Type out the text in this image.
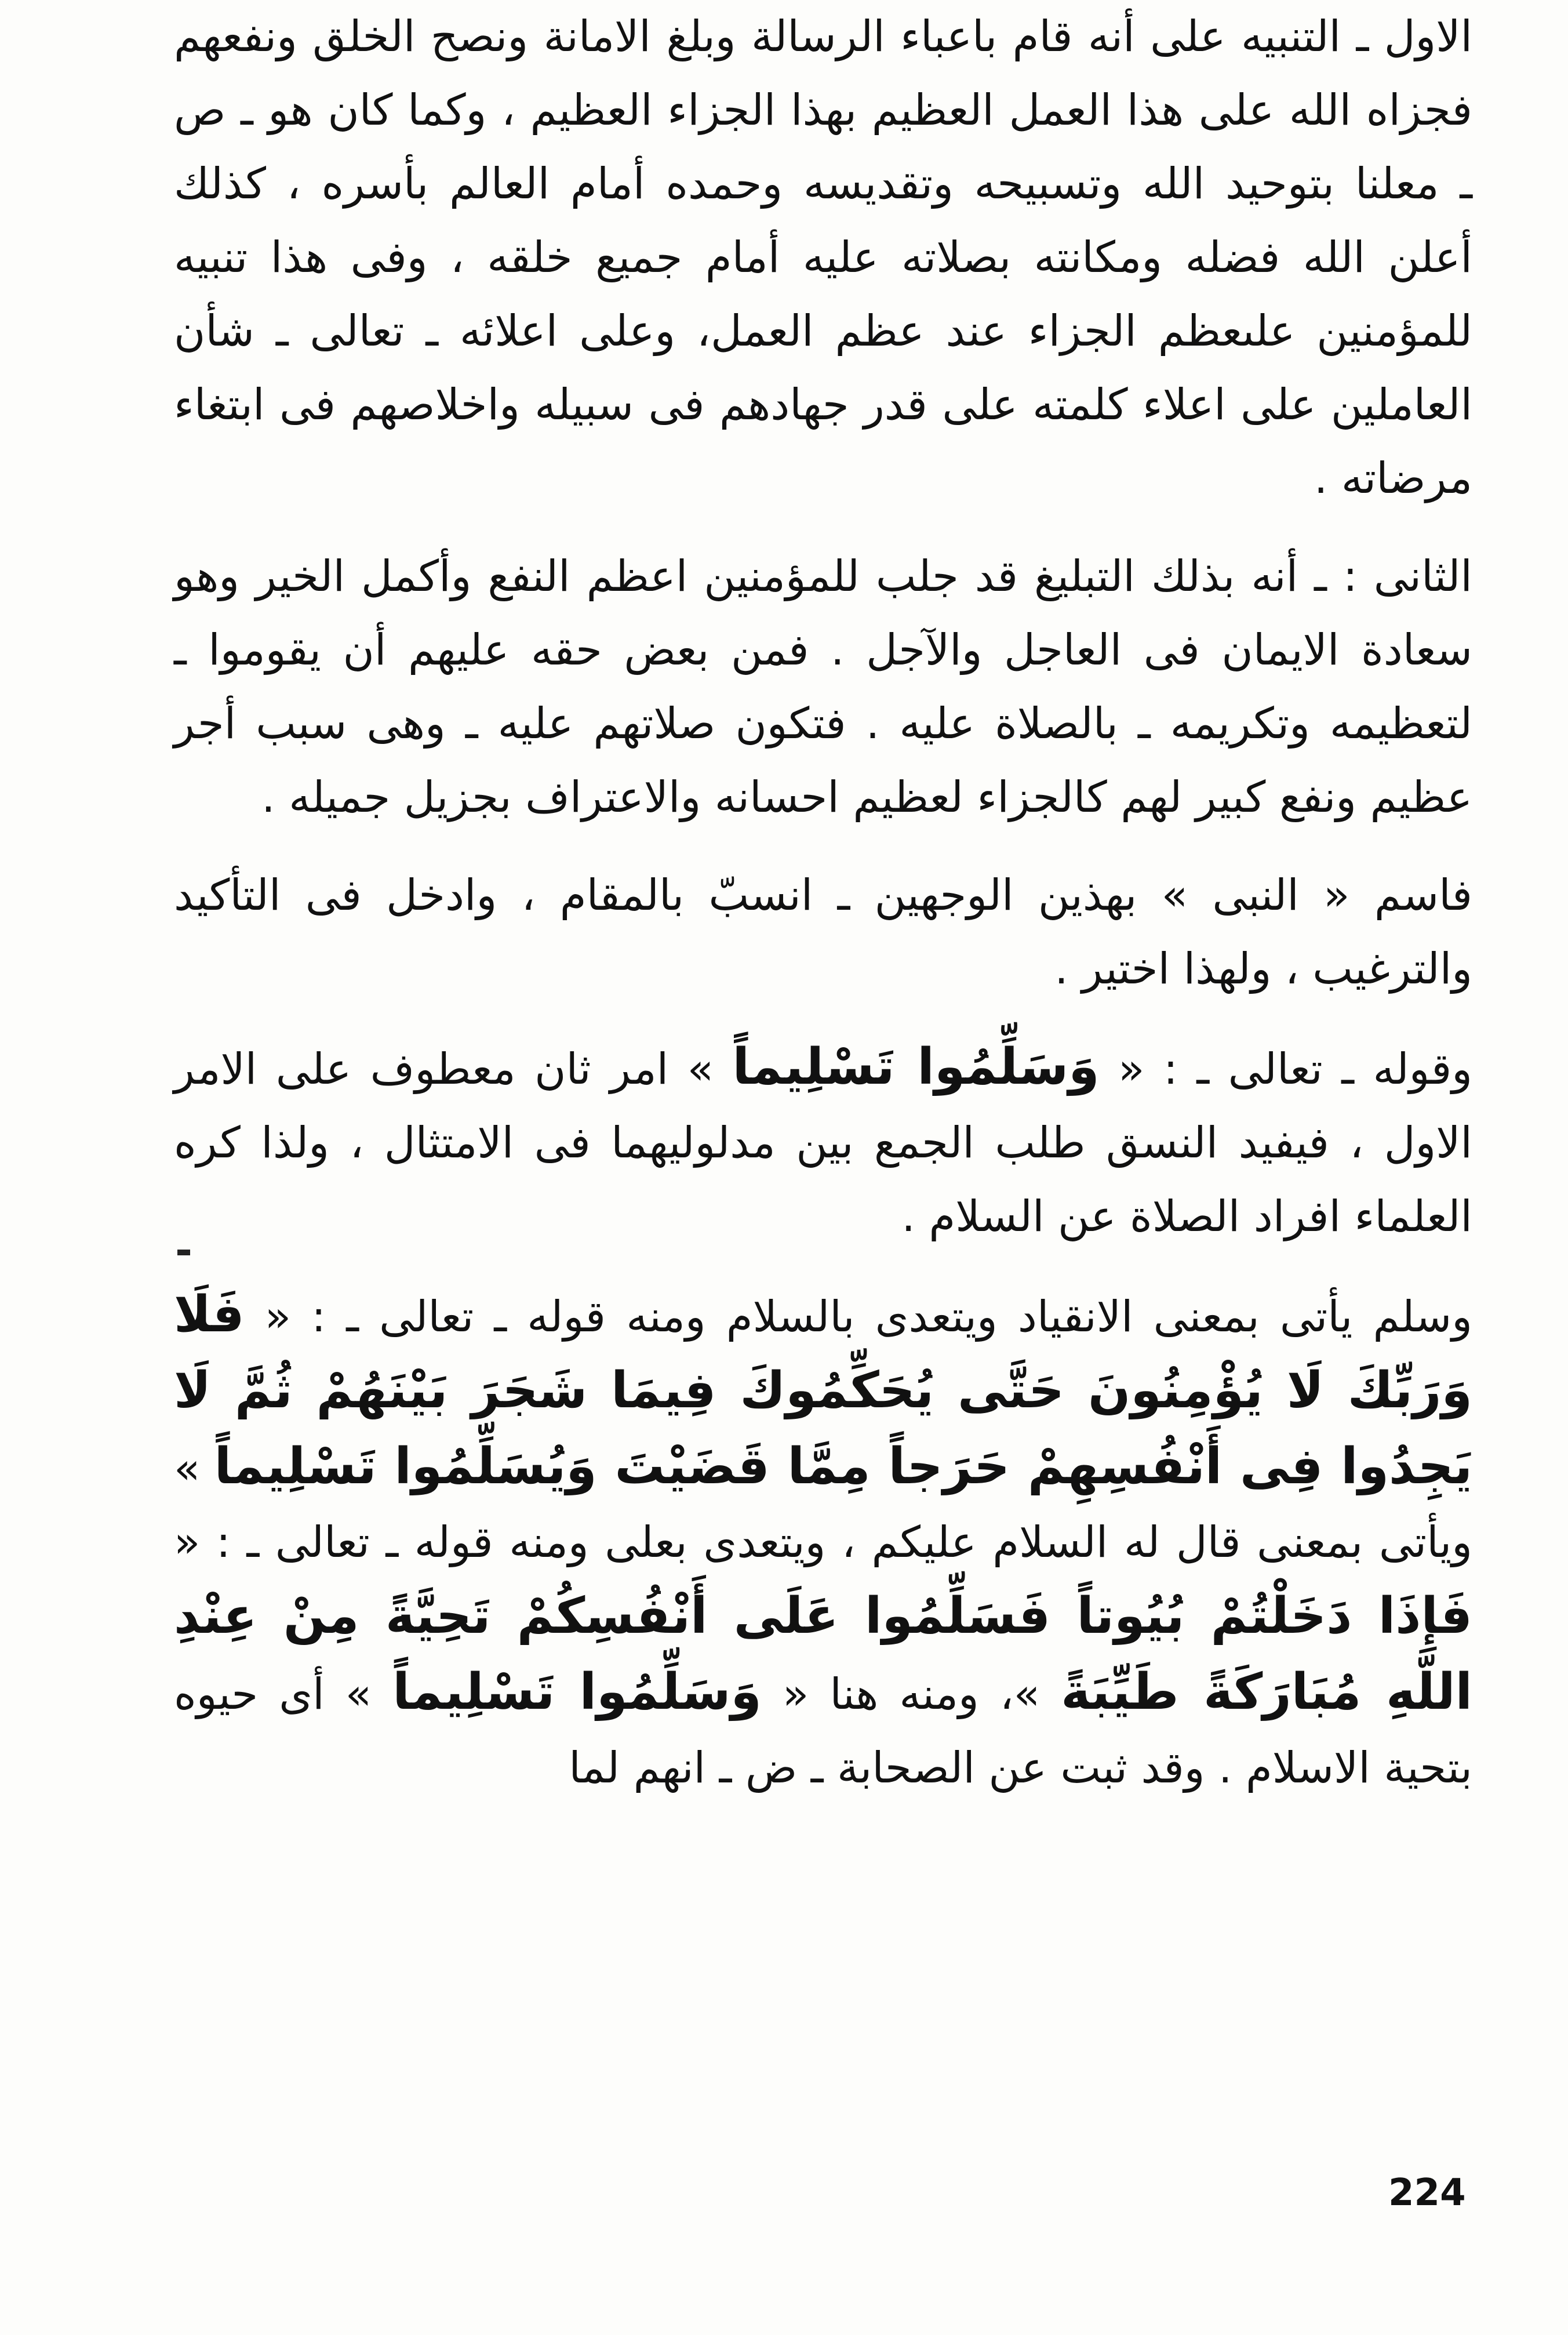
الاول ـ التنبيه على أنه قام باعباء الرسالة وبلغ الامانة ونصح الخلق ونفعهم فجزاه الله على هذا العمل العظيم بهذا الجزاء العظيم ، وكما كان هو ـ ص ـ معلنا بتوحيد الله وتسبيحه وتقديسه وحمده أمام العالم بأسره ، كذلك أعلن الله فضله ومكانته بصلاته عليه أمام جميع خلقه ، وفى هذا تنبيه للمؤمنين علىعظم الجزاء عند عظم العمل، وعلى اعلائه ـ تعالى ـ شأن العاملين على اعلاء كلمته على قدر جهادهم فى سبيله واخلاصهم فى ابتغاء مرضاته .

الثانى : ـ أنه بذلك التبليغ قد جلب للمؤمنين اعظم النفع وأكمل الخير وهو سعادة الايمان فى العاجل والآجل . فمن بعض حقه عليهم أن يقوموا ـ لتعظيمه وتكريمه ـ بالصلاة عليه . فتكون صلاتهم عليه ـ وهى سبب أجر عظيم ونفع كبير لهم كالجزاء لعظيم احسانه والاعتراف بجزيل جميله .

فاسم « النبى » بهذين الوجهين ـ انسبّ بالمقام ، وادخل فى التأكيد والترغيب ، ولهذا اختير .

وقوله ـ تعالى ـ : « وَسَلِّمُوا تَسْلِيماً » امر ثان معطوف على الامر الاول ، فيفيد النسق طلب الجمع بين مدلوليهما فى الامتثال ، ولذا كره العلماء افراد الصلاة عن السلام .

وسلم يأتى بمعنى الانقياد ويتعدى بالسلام ومنه قوله ـ تعالى ـ : « فَلَا وَرَبِّكَ لَا يُؤْمِنُونَ حَتَّى يُحَكِّمُوكَ فِيمَا شَجَرَ بَيْنَهُمْ ثُمَّ لَا يَجِدُوا فِى أَنْفُسِهِمْ حَرَجاً مِمَّا قَضَيْتَ وَيُسَلِّمُوا تَسْلِيماً » ويأتى بمعنى قال له السلام عليكم ، ويتعدى بعلى ومنه قوله ـ تعالى ـ : « فَإِذَا دَخَلْتُمْ بُيُوتاً فَسَلِّمُوا عَلَى أَنْفُسِكُمْ تَحِيَّةً مِنْ عِنْدِ اللَّهِ مُبَارَكَةً طَيِّبَةً »، ومنه هنا « وَسَلِّمُوا تَسْلِيماً » أى حيوه بتحية الاسلام . وقد ثبت عن الصحابة ـ ض ـ انهم لما

224
